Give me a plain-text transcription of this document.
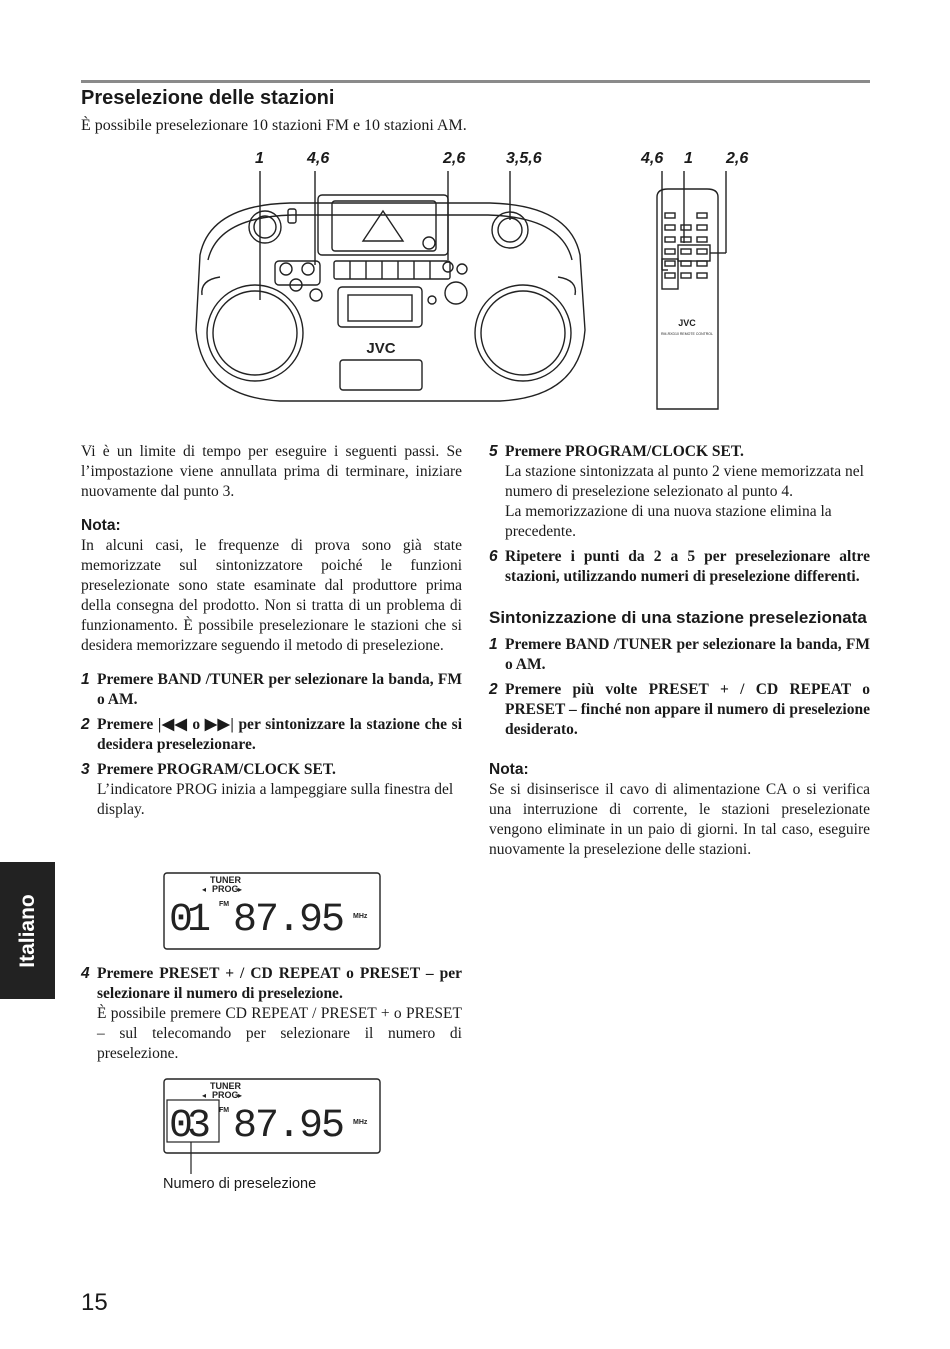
Preselezione delle stazioni
È possibile preselezionare 10 stazioni FM e 10 stazioni AM.
1	4,6	2,6	3,5,6	4,6 1 2,6
JVC
JVC
RM-RXD10 REMOTE CONTROL

Vi è un limite di tempo per eseguire i seguenti passi. Se l’impostazione viene annullata prima di terminare, iniziare nuovamente dal punto 3.

Nota:

In alcuni casi, le frequenze di prova sono già state memorizzate sul sintonizzatore poiché le funzioni preselezionate sono state esaminate dal produttore prima della consegna del prodotto. Non si tratta di un problema di funzionamento. È possibile preselezionare le stazioni che si desidera memorizzare seguendo il metodo di preselezione.

1 Premere BAND /TUNER per selezionare la banda, FM o AM.
2 Premere |◀◀ o ▶▶| per sintonizzare la stazione che si desidera preselezionare.
3 Premere PROGRAM/CLOCK SET.
L’indicatore PROG inizia a lampeggiare sulla finestra del display.
TUNER
PROG
◂	▸
FM
01 87.95 MHz
4 Premere PRESET + / CD REPEAT o PRESET – per selezionare il numero di preselezione.
È possibile premere CD REPEAT / PRESET + o PRESET – sul telecomando per selezionare il numero di preselezione.
TUNER
PROG
◂	▸
FM
03 87.95 MHz
Numero di preselezione
5 Premere PROGRAM/CLOCK SET.
La stazione sintonizzata al punto 2 viene memorizzata nel numero di preselezione selezionato al punto 4.
La memorizzazione di una nuova stazione elimina la precedente.
6 Ripetere i punti da 2 a 5 per preselezionare altre stazioni, utilizzando numeri di preselezione differenti.

Sintonizzazione di una stazione preselezionata

1 Premere BAND /TUNER per selezionare la banda, FM o AM.
2 Premere più volte PRESET + / CD REPEAT o PRESET – finché non appare il numero di preselezione desiderato.

Nota:

Se si disinserisce il cavo di alimentazione CA o si verifica una interruzione di corrente, le stazioni preselezionate vengono eliminate in un paio di giorni. In tal caso, eseguire nuovamente la preselezione delle stazioni.

Italiano
15
